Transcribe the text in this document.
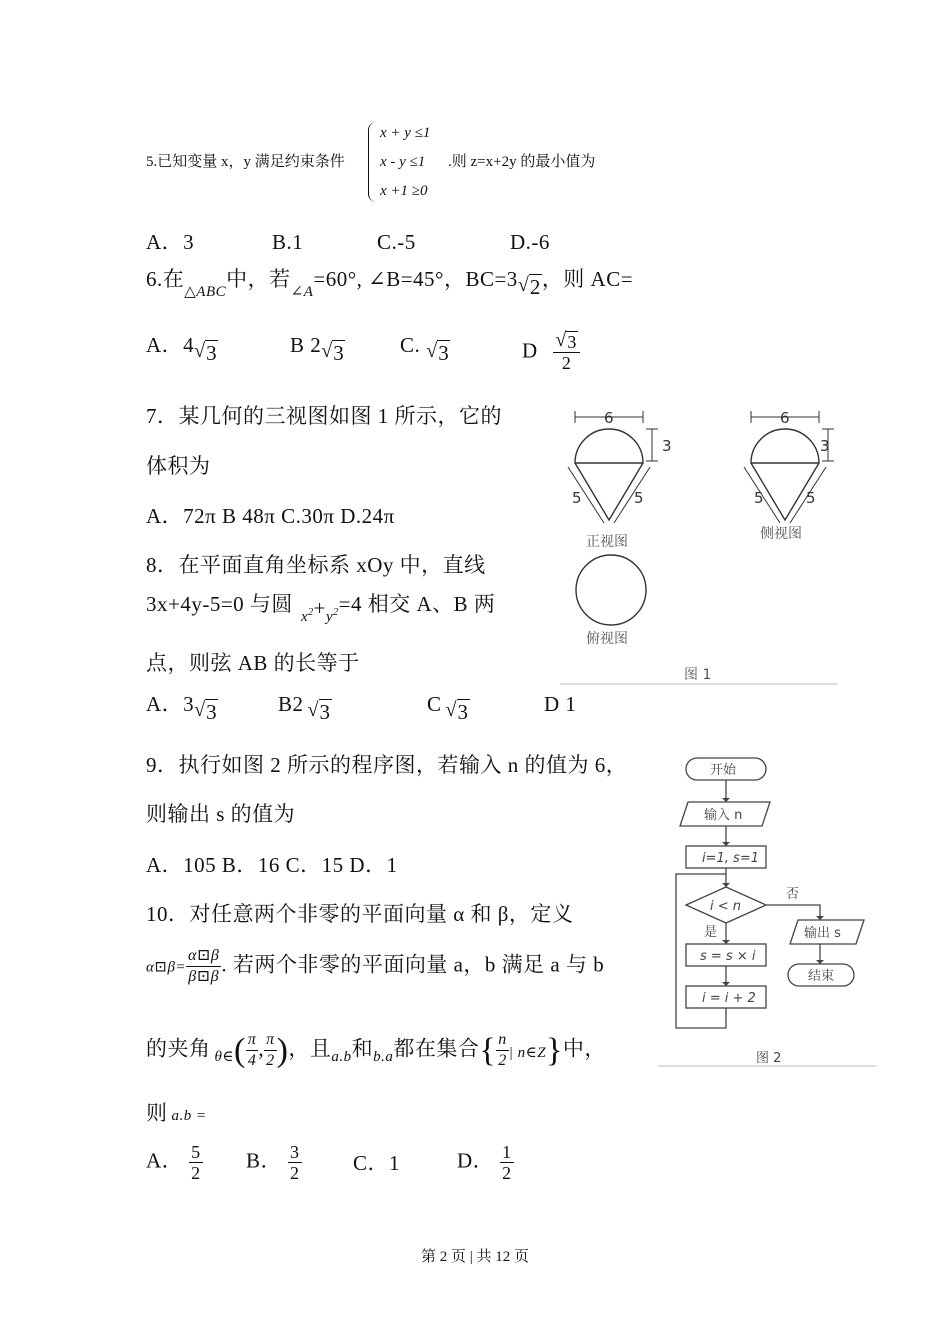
5.已知变量 x，y 满足约束条件
x + y ≤1
x - y ≤1
x +1 ≥0
.则 z=x+2y 的最小值为
A．3	B.1	C.-5	D.-6
6.在$_{\triangle ABC}$中，若$_{\angle A}$=60°, ∠B=45°，BC=3 √ 2，则 AC=
A．4 √ 3	B 2 √ 3	C. √ 3	D $\frac{√ 3}{2}$
7．某几何的三视图如图 1 所示，它的
体积为
A．72π B 48π C.30π D.24π
8．在平面直角坐标系 xOy 中，直线
3x+4y-5=0 与圆$_{x^2}+_{y^2}=4$ 相交 A、B 两
点，则弦 AB 的长等于
A．3 √ 3	B2 √ 3	C √ 3	D 1
6
3
5	5
6
3
5	5
正视图	侧视图
俯视图
图 1
9．执行如图 2 所示的程序图，若输入 n 的值为 6，
则输出 s 的值为
A．105 B．16 C．15 D．1
开始
输入 n
i=1, s=1
i < n
是
否
s = s × i
i = i + 2
输出 s
结束
图 2
10．对任意两个非零的平面向量 α 和 β，定义
α⊡β= $\frac{\alpha⊡\beta}{\beta⊡\beta}$ . 若两个非零的平面向量 a，b 满足 a 与 b
的夹角 $_{\theta\in}( \frac{\pi}{4}$ , $\frac{\pi}{2}$ )，且$_{a.b}$和$_{b.a}$都在集合{ $\frac{n}{2}$ | n∈Z}中，
则 a.b =
A． $\frac{5}{2}$ B． $\frac{3}{2}$ C．1	D． $\frac{1}{2}$
第 2 页 | 共 12 页
